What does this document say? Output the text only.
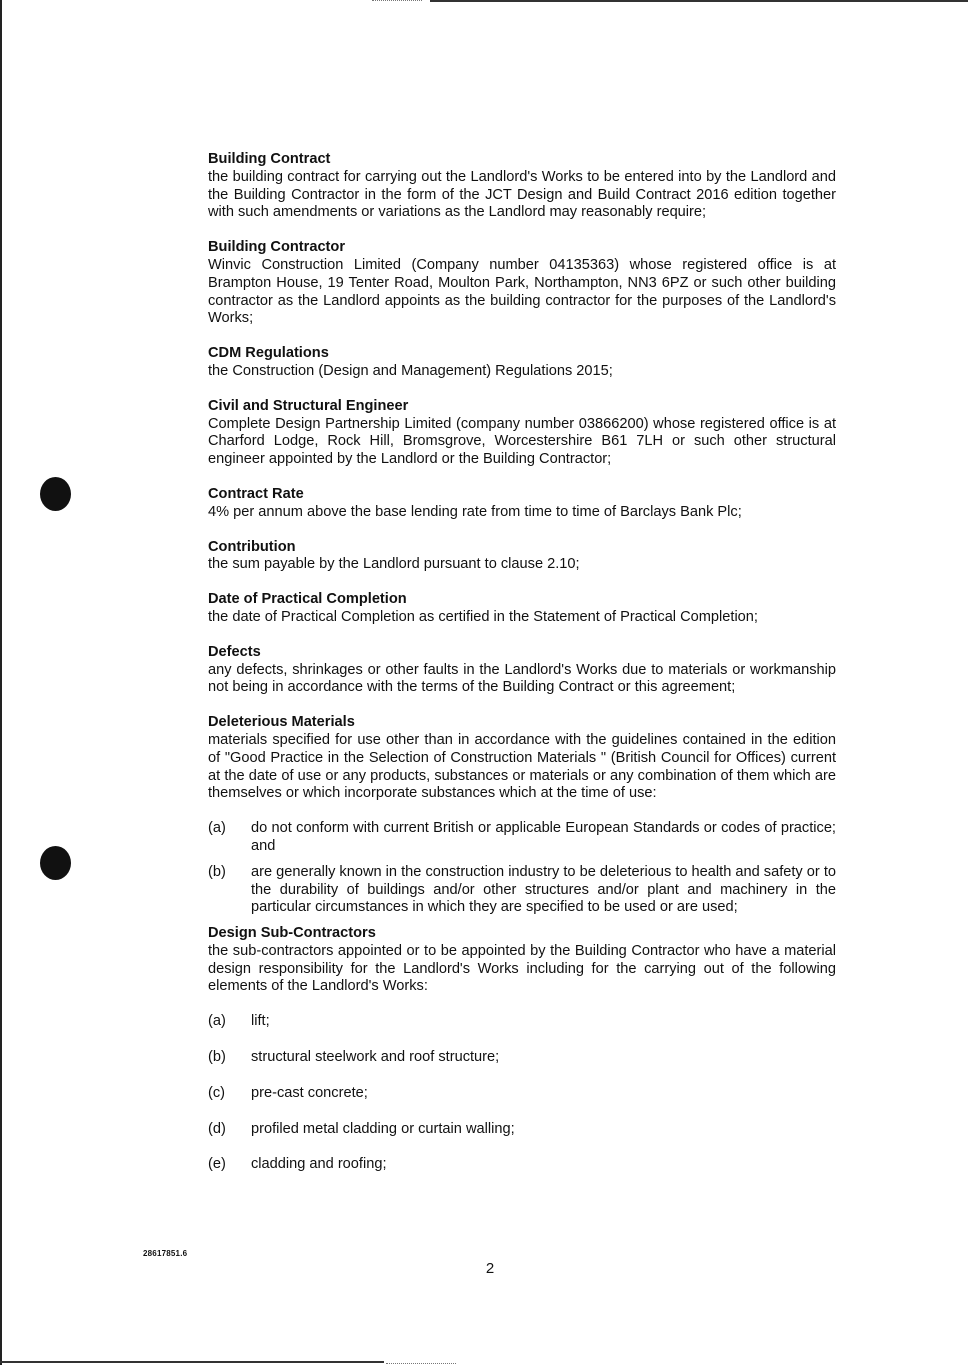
Building Contract
the building contract for carrying out the Landlord's Works to be entered into by the Landlord and the Building Contractor in the form of the JCT Design and Build Contract 2016 edition together with such amendments or variations as the Landlord may reasonably require;
Building Contractor
Winvic Construction Limited (Company number 04135363) whose registered office is at Brampton House, 19 Tenter Road, Moulton Park, Northampton, NN3 6PZ or such other building contractor as the Landlord appoints as the building contractor for the purposes of the Landlord's Works;
CDM Regulations
the Construction (Design and Management) Regulations 2015;
Civil and Structural Engineer
Complete Design Partnership Limited (company number 03866200) whose registered office is at Charford Lodge, Rock Hill, Bromsgrove, Worcestershire B61 7LH or such other structural engineer appointed by the Landlord or the Building Contractor;
Contract Rate
4% per annum above the base lending rate from time to time of Barclays Bank Plc;
Contribution
the sum payable by the Landlord pursuant to clause 2.10;
Date of Practical Completion
the date of Practical Completion as certified in the Statement of Practical Completion;
Defects
any defects, shrinkages or other faults in the Landlord's Works due to materials or workmanship not being in accordance with the terms of the Building Contract or this agreement;
Deleterious Materials
materials specified for use other than in accordance with the guidelines contained in the edition of "Good Practice in the Selection of Construction Materials " (British Council for Offices) current at the date of use or any products, substances or materials or any combination of them which are themselves or which incorporate substances which at the time of use:
(a)	do not conform with current British or applicable European Standards or codes of practice; and
(b)	are generally known in the construction industry to be deleterious to health and safety or to the durability of buildings and/or other structures and/or plant and machinery in the particular circumstances in which they are specified to be used or are used;
Design Sub-Contractors
the sub-contractors appointed or to be appointed by the Building Contractor who have a material design responsibility for the Landlord's Works including for the carrying out of the following elements of the Landlord's Works:
(a)	lift;
(b)	structural steelwork and roof structure;
(c)	pre-cast concrete;
(d)	profiled metal cladding or curtain walling;
(e)	cladding and roofing;
28617851.6
2
